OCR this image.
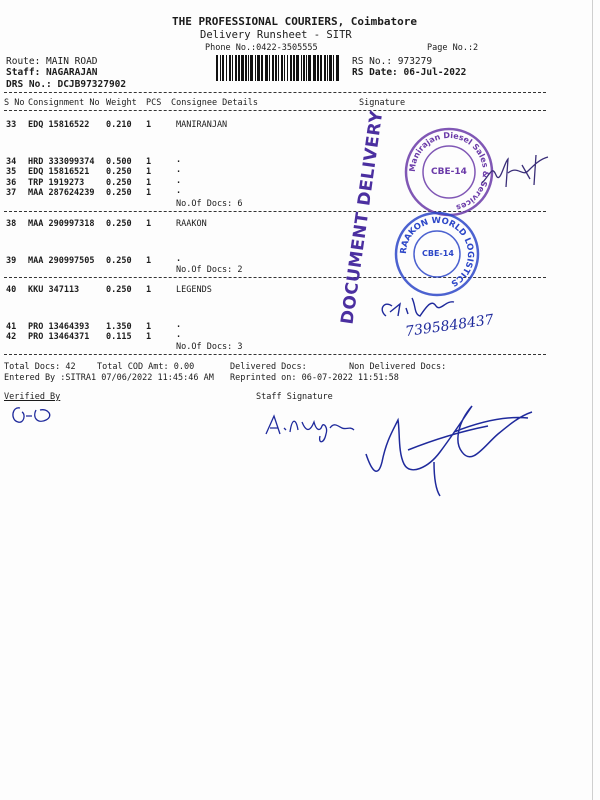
THE PROFESSIONAL COURIERS, Coimbatore
Delivery Runsheet - SITR
Phone No.:0422-3505555	Page No.:2
Route: MAIN ROAD
Staff: NAGARAJAN
DRS No.: DCJB97327902
RS No.: 973279
RS Date: 06-Jul-2022
S No Consignment No Weight PCS Consignee Details	Signature
33 EDQ 15816522 0.210 1	MANIRANJAN
34 HRD 333099374 0.500 1	.
35 EDQ 15816521 0.250 1	.
36 TRP 1919273	0.250 1	.
37 MAA 287624239 0.250 1	.
No.Of Docs: 6
38 MAA 290997318 0.250 1	RAAKON
39 MAA 290997505 0.250 1	.
No.Of Docs: 2
40 KKU 347113	0.250 1	LEGENDS
41 PRO 13464393 1.350 1	.
42 PRO 13464371 0.115 1	.
No.Of Docs: 3
Total Docs: 42	Total COD Amt: 0.00	Delivered Docs:	Non Delivered Docs:
Entered By :SITRA1 07/06/2022 11:45:46 AM Reprinted on: 06-07-2022 11:51:58
Verified By	Staff Signature
DOCUMENT DELIVERY	Manirajan Diesel Sales & Services
CBE-14
RAAKON WORLD LOGISTICS
CBE-14
7395848437
